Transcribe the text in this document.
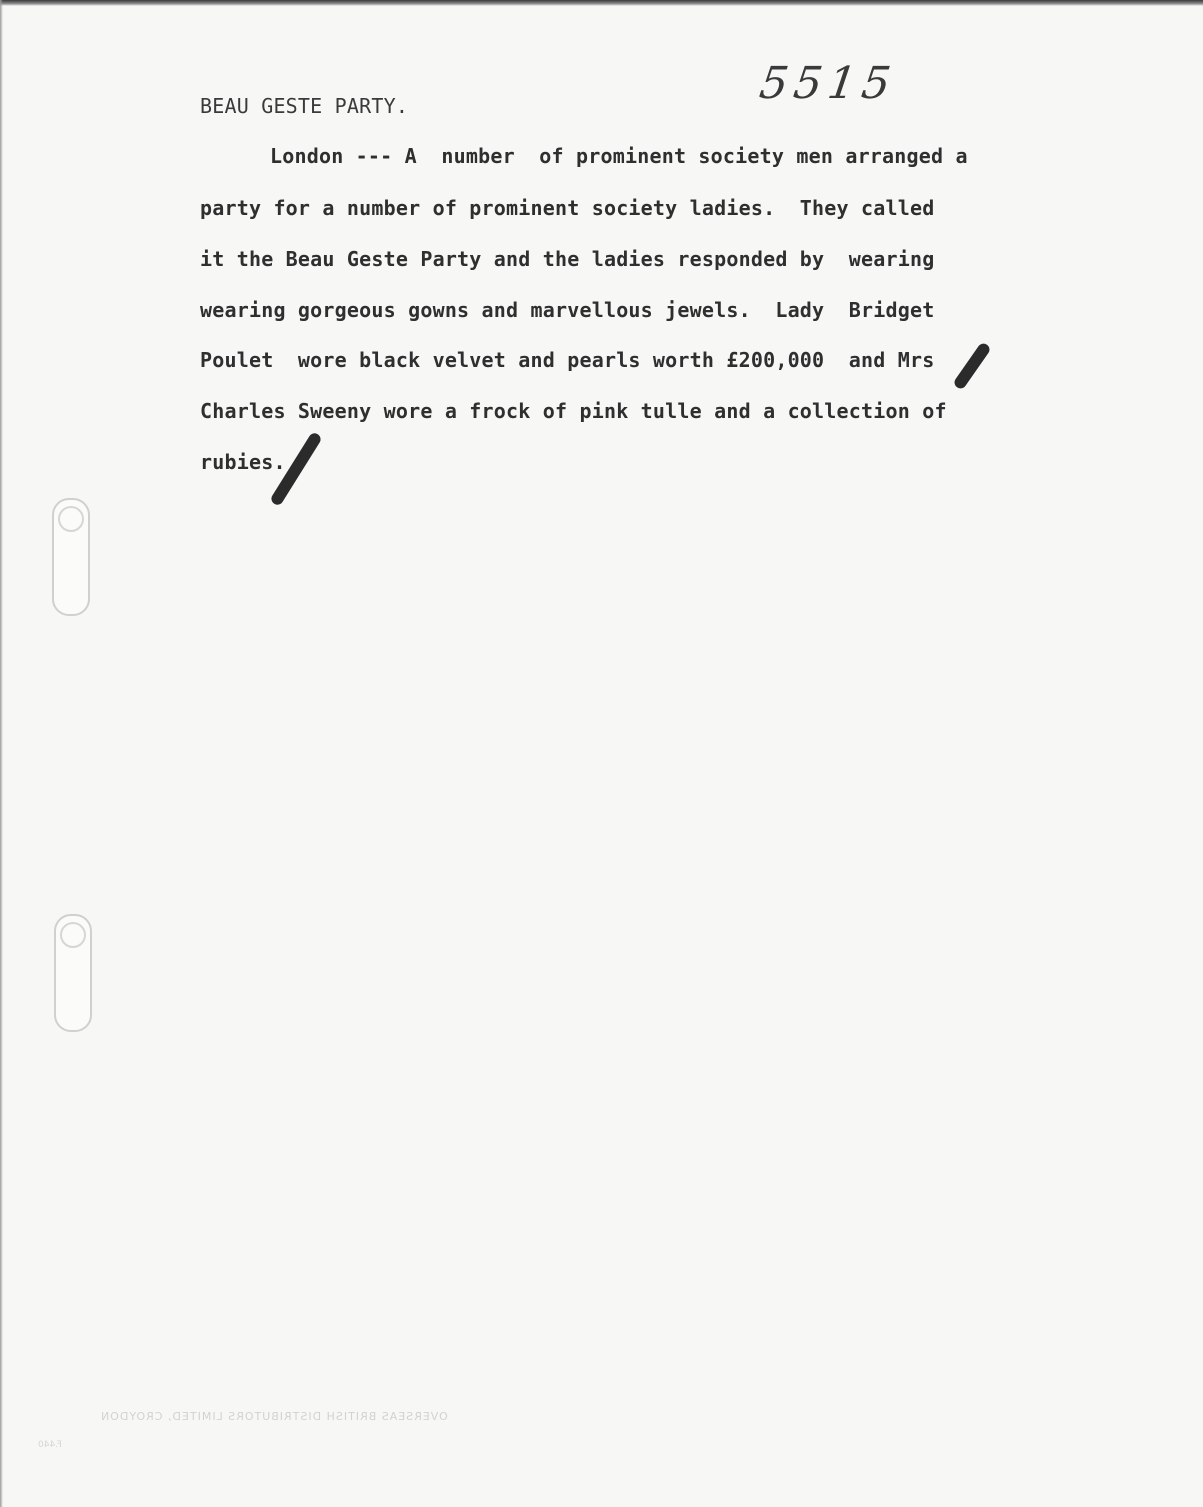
5515
BEAU GESTE PARTY.
London --- A  number  of prominent society men arranged a
party for a number of prominent society ladies.  They called
it the Beau Geste Party and the ladies responded by  wearing
wearing gorgeous gowns and marvellous jewels.  Lady  Bridget
Poulet  wore black velvet and pearls worth £200,000  and Mrs
Charles Sweeny wore a frock of pink tulle and a collection of
rubies.
OVERSEAS BRITISH DISTRIBUTORS LIMITED, CROYDON
F.440
